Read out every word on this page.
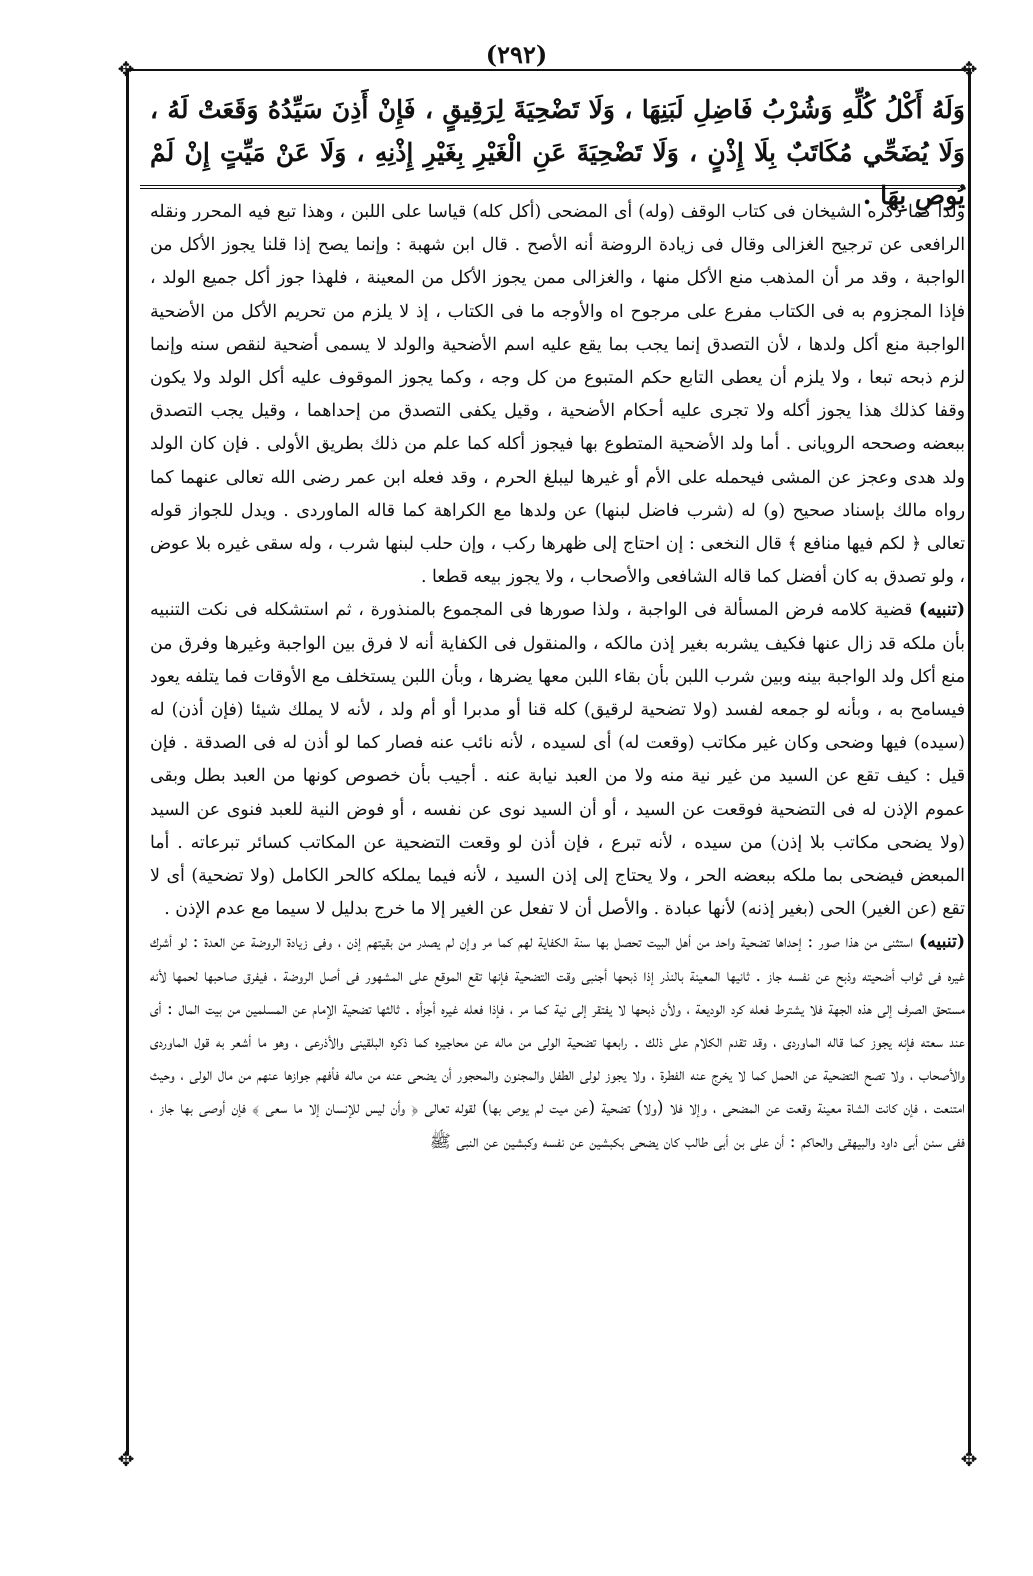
(٢٩٢)
✥	✥
✥	✥
وَلَهُ أَكْلُ كُلِّهِ وَشُرْبُ فَاضِلِ لَبَنِهَا ، وَلَا تَضْحِيَةَ لِرَقِيقٍ ، فَإِنْ أَذِنَ سَيِّدُهُ وَقَعَتْ لَهُ ، وَلَا يُضَحِّي مُكَاتَبٌ بِلَا إِذْنٍ ، وَلَا تَضْحِيَةَ عَنِ الْغَيْرِ بِغَيْرِ إِذْنِهِ ، وَلَا عَنْ مَيِّتٍ إِنْ لَمْ يُوصِ بِهَا .

ولدا كما ذكره الشيخان فى كتاب الوقف (وله) أى المضحى (أكل كله) قياسا على اللبن ، وهذا تبع فيه المحرر ونقله الرافعى عن ترجيح الغزالى وقال فى زيادة الروضة أنه الأصح . قال ابن شهبة : وإنما يصح إذا قلنا يجوز الأكل من الواجبة ، وقد مر أن المذهب منع الأكل منها ، والغزالى ممن يجوز الأكل من المعينة ، فلهذا جوز أكل جميع الولد ، فإذا المجزوم به فى الكتاب مفرع على مرجوح اه والأوجه ما فى الكتاب ، إذ لا يلزم من تحريم الأكل من الأضحية الواجبة منع أكل ولدها ، لأن التصدق إنما يجب بما يقع عليه اسم الأضحية والولد لا يسمى أضحية لنقص سنه وإنما لزم ذبحه تبعا ، ولا يلزم أن يعطى التابع حكم المتبوع من كل وجه ، وكما يجوز الموقوف عليه أكل الولد ولا يكون وقفا كذلك هذا يجوز أكله ولا تجرى عليه أحكام الأضحية ، وقيل يكفى التصدق من إحداهما ، وقيل يجب التصدق ببعضه وصححه الرويانى . أما ولد الأضحية المتطوع بها فيجوز أكله كما علم من ذلك بطريق الأولى . فإن كان الولد ولد هدى وعجز عن المشى فيحمله على الأم أو غيرها ليبلغ الحرم ، وقد فعله ابن عمر رضى الله تعالى عنهما كما رواه مالك بإسناد صحيح (و) له (شرب فاضل لبنها) عن ولدها مع الكراهة كما قاله الماوردى . ويدل للجواز قوله تعالى ﴿ لكم فيها منافع ﴾ قال النخعى : إن احتاج إلى ظهرها ركب ، وإن حلب لبنها شرب ، وله سقى غيره بلا عوض ، ولو تصدق به كان أفضل كما قاله الشافعى والأصحاب ، ولا يجوز بيعه قطعا .

(تنبيه) قضية كلامه فرض المسألة فى الواجبة ، ولذا صورها فى المجموع بالمنذورة ، ثم استشكله فى نكت التنبيه بأن ملكه قد زال عنها فكيف يشربه بغير إذن مالكه ، والمنقول فى الكفاية أنه لا فرق بين الواجبة وغيرها وفرق من منع أكل ولد الواجبة بينه وبين شرب اللبن بأن بقاء اللبن معها يضرها ، وبأن اللبن يستخلف مع الأوقات فما يتلفه يعود فيسامح به ، وبأنه لو جمعه لفسد (ولا تضحية لرقيق) كله قنا أو مدبرا أو أم ولد ، لأنه لا يملك شيئا (فإن أذن) له (سيده) فيها وضحى وكان غير مكاتب (وقعت له) أى لسيده ، لأنه نائب عنه فصار كما لو أذن له فى الصدقة . فإن قيل : كيف تقع عن السيد من غير نية منه ولا من العبد نيابة عنه . أجيب بأن خصوص كونها من العبد بطل وبقى عموم الإذن له فى التضحية فوقعت عن السيد ، أو أن السيد نوى عن نفسه ، أو فوض النية للعبد فنوى عن السيد (ولا يضحى مكاتب بلا إذن) من سيده ، لأنه تبرع ، فإن أذن لو وقعت التضحية عن المكاتب كسائر تبرعاته . أما المبعض فيضحى بما ملكه ببعضه الحر ، ولا يحتاج إلى إذن السيد ، لأنه فيما يملكه كالحر الكامل (ولا تضحية) أى لا تقع (عن الغير) الحى (بغير إذنه) لأنها عبادة . والأصل أن لا تفعل عن الغير إلا ما خرج بدليل لا سيما مع عدم الإذن .

(تنبيه) استثنى من هذا صور : إحداها تضحية واحد من أهل البيت تحصل بها سنة الكفاية لهم كما مر وإن لم يصدر من بقيتهم إذن ، وفى زيادة الروضة عن العدة : لو أشرك غيره فى ثواب أضحيته وذبح عن نفسه جاز . ثانيها المعينة بالنذر إذا ذبحها أجنبى وقت التضحية فإنها تقع الموقع على المشهور فى أصل الروضة ، فيفرق صاحبها لحمها لأنه مستحق الصرف إلى هذه الجهة فلا يشترط فعله كرد الوديعة ، ولأن ذبحها لا يفتقر إلى نية كما مر ، فإذا فعله غيره أجزأه . ثالثها تضحية الإمام عن المسلمين من بيت المال : أى عند سعته فإنه يجوز كما قاله الماوردى ، وقد تقدم الكلام على ذلك . رابعها تضحية الولى من ماله عن محاجيره كما ذكره البلقينى والأذرعى ، وهو ما أشعر به قول الماوردى والأصحاب ، ولا تصح التضحية عن الحمل كما لا يخرج عنه الفطرة ، ولا يجوز لولى الطفل والمجنون والمحجور أن يضحى عنه من ماله فأفهم جوازها عنهم من مال الولى ، وحيث امتنعت ، فإن كانت الشاة معينة وقعت عن المضحى ، وإلا فلا (ولا) تضحية (عن ميت لم يوص بها) لقوله تعالى ﴿ وأن ليس للإنسان إلا ما سعى ﴾ فإن أوصى بها جاز ، ففى سنن أبى داود والبيهقى والحاكم : أن على بن أبى طالب كان يضحى بكبشين عن نفسه وكبشين عن النبى ﷺ
